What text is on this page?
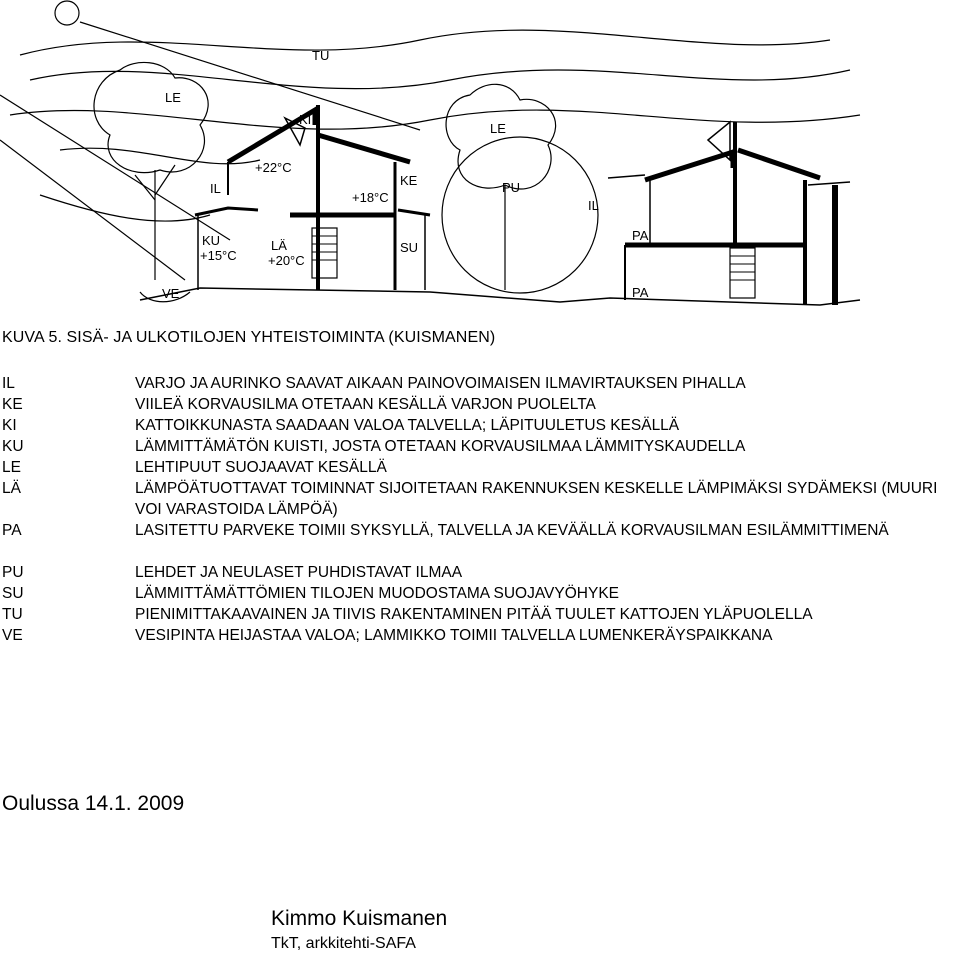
TU
LE
LE
KI
+22°C
KE
+18°C
IL
IL
KU
+15°C
LÄ
+20°C
SU
VE
PU
PA
PA
KUVA 5. SISÄ- JA ULKOTILOJEN YHTEISTOIMINTA (KUISMANEN)
IL	VARJO JA AURINKO SAAVAT AIKAAN PAINOVOIMAISEN ILMAVIRTAUKSEN PIHALLA
KE	VIILEÄ KORVAUSILMA OTETAAN KESÄLLÄ VARJON PUOLELTA
KI	KATTOIKKUNASTA SAADAAN VALOA TALVELLA; LÄPITUULETUS KESÄLLÄ
KU	LÄMMITTÄMÄTÖN KUISTI, JOSTA OTETAAN KORVAUSILMAA LÄMMITYSKAUDELLA
LE	LEHTIPUUT SUOJAAVAT KESÄLLÄ
LÄ	LÄMPÖÄTUOTTAVAT TOIMINNAT SIJOITETAAN RAKENNUKSEN KESKELLE LÄMPIMÄKSI SYDÄMEKSI (MUURI VOI VARASTOIDA LÄMPÖÄ)
PA	LASITETTU PARVEKE TOIMII SYKSYLLÄ, TALVELLA JA KEVÄÄLLÄ KORVAUSILMAN ESILÄMMITTIMENÄ
PU	LEHDET JA NEULASET PUHDISTAVAT ILMAA
SU	LÄMMITTÄMÄTTÖMIEN TILOJEN MUODOSTAMA SUOJAVYÖHYKE
TU	PIENIMITTAKAAVAINEN JA TIIVIS RAKENTAMINEN PITÄÄ TUULET KATTOJEN YLÄPUOLELLA
VE	VESIPINTA HEIJASTAA VALOA; LAMMIKKO TOIMII TALVELLA LUMENKERÄYSPAIKKANA
Oulussa 14.1. 2009
Kimmo Kuismanen
TkT, arkkitehti-SAFA
